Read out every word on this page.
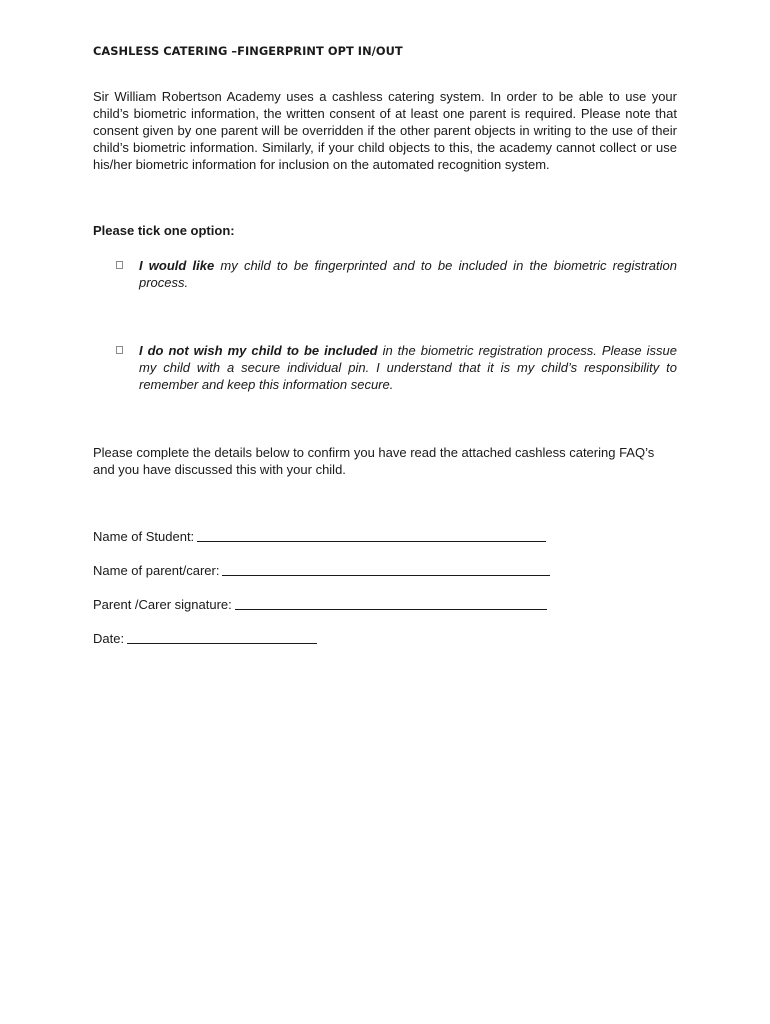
CASHLESS CATERING –FINGERPRINT OPT IN/OUT

Sir William Robertson Academy uses a cashless catering system. In order to be able to use your child’s biometric information, the written consent of at least one parent is required. Please note that consent given by one parent will be overridden if the other parent objects in writing to the use of their child’s biometric information. Similarly, if your child objects to this, the academy cannot collect or use his/her biometric information for inclusion on the automated recognition system.

Please tick one option:

I would like my child to be fingerprinted and to be included in the biometric registration process.

I do not wish my child to be included in the biometric registration process. Please issue my child with a secure individual pin. I understand that it is my child’s responsibility to remember and keep this information secure.

Please complete the details below to confirm you have read the attached cashless catering FAQ’s and you have discussed this with your child.

Name of Student:
Name of parent/carer:
Parent /Carer signature:
Date:
